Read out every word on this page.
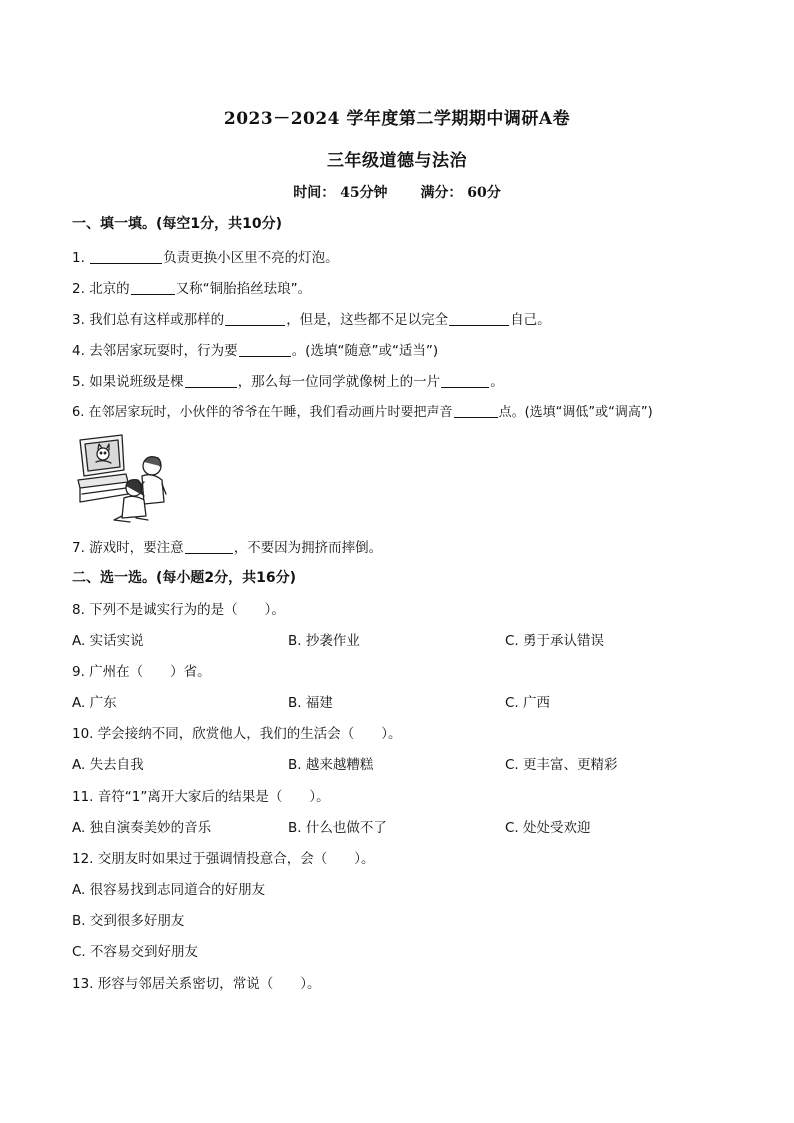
2023－2024 学年度第二学期期中调研A卷
三年级道德与法治
时间： 45分钟 满分： 60分
一、填一填。(每空1分，共10分)
1.	负责更换小区里不亮的灯泡。
2. 北京的	又称“铜胎掐丝珐琅”。
3. 我们总有这样或那样的	，但是，这些都不足以完全	自己。
4. 去邻居家玩耍时，行为要	。(选填“随意”或“适当”)
5. 如果说班级是棵	，那么每一位同学就像树上的一片	。
6. 在邻居家玩时，小伙伴的爷爷在午睡，我们看动画片时要把声音	点。(选填“调低”或“调高”)
7. 游戏时，要注意	，不要因为拥挤而摔倒。
二、选一选。(每小题2分，共16分)
8. 下列不是诚实行为的是（　　）。
A. 实话实说	B. 抄袭作业	C. 勇于承认错误
9. 广州在（　　）省。
A. 广东	B. 福建	C. 广西
10. 学会接纳不同，欣赏他人，我们的生活会（　　）。
A. 失去自我	B. 越来越糟糕	C. 更丰富、更精彩
11. 音符“1”离开大家后的结果是（　　）。
A. 独自演奏美妙的音乐	B. 什么也做不了	C. 处处受欢迎
12. 交朋友时如果过于强调情投意合，会（　　）。
A. 很容易找到志同道合的好朋友
B. 交到很多好朋友
C. 不容易交到好朋友
13. 形容与邻居关系密切，常说（　　）。
